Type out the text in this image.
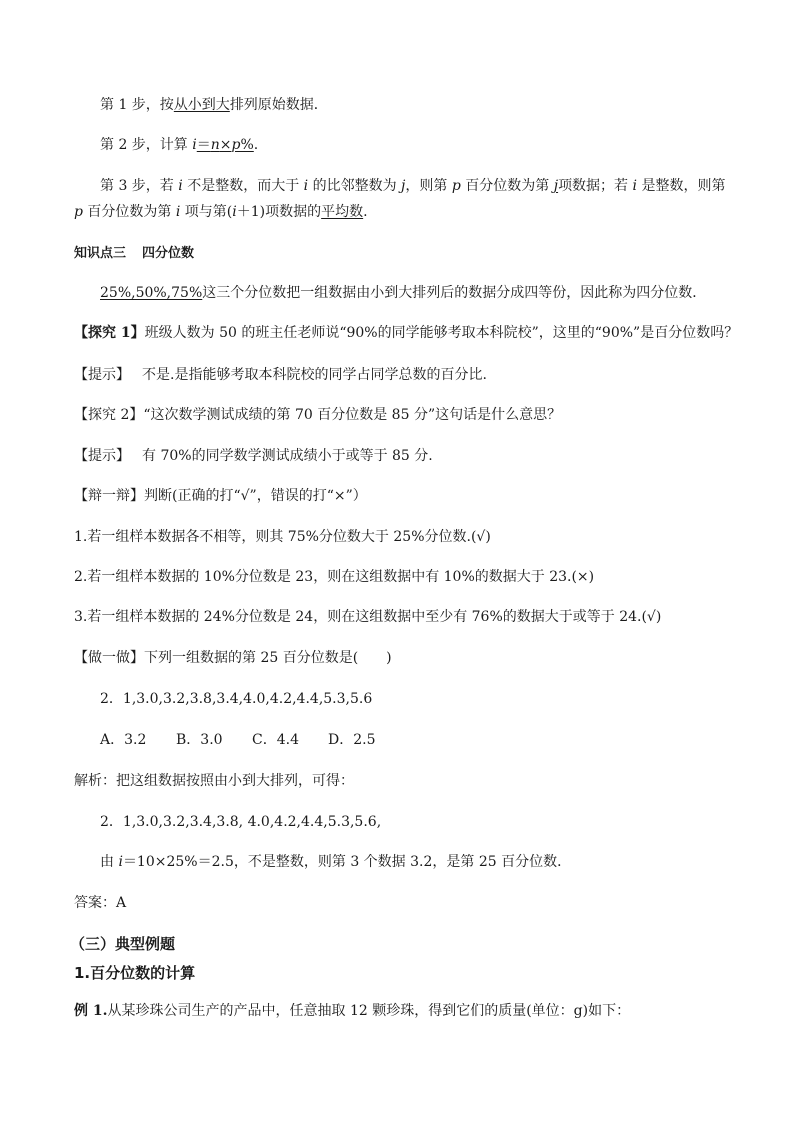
第 1 步，按从小到大排列原始数据．
第 2 步，计算 i＝n×p%.
第 3 步，若 i 不是整数，而大于 i 的比邻整数为 j，则第 p 百分位数为第 j项数据；若 i 是整数，则第
p 百分位数为第 i 项与第(i＋1)项数据的平均数.
知识点三 四分位数
25%,50%,75%这三个分位数把一组数据由小到大排列后的数据分成四等份，因此称为四分位数．
【探究 1】班级人数为 50 的班主任老师说“90%的同学能够考取本科院校”，这里的“90%”是百分位数吗？
【提示】 不是.是指能够考取本科院校的同学占同学总数的百分比.
【探究 2】“这次数学测试成绩的第 70 百分位数是 85 分”这句话是什么意思？
【提示】 有 70%的同学数学测试成绩小于或等于 85 分.
【辩一辩】判断(正确的打“√”，错误的打“×”）
1.若一组样本数据各不相等，则其 75%分位数大于 25%分位数.(√)
2.若一组样本数据的 10%分位数是 23，则在这组数据中有 10%的数据大于 23.(×)
3.若一组样本数据的 24%分位数是 24，则在这组数据中至少有 76%的数据大于或等于 24.(√)
【做一做】下列一组数据的第 25 百分位数是(　　)
2．1,3.0,3.2,3.8,3.4,4.0,4.2,4.4,5.3,5.6
A．3.2 B．3.0 C．4.4 D．2.5
解析：把这组数据按照由小到大排列，可得：
2．1,3.0,3.2,3.4,3.8, 4.0,4.2,4.4,5.3,5.6,
由 i＝10×25%＝2.5，不是整数，则第 3 个数据 3.2，是第 25 百分位数．
答案：A
（三）典型例题
1.百分位数的计算
例 1.从某珍珠公司生产的产品中，任意抽取 12 颗珍珠，得到它们的质量(单位：g)如下：
